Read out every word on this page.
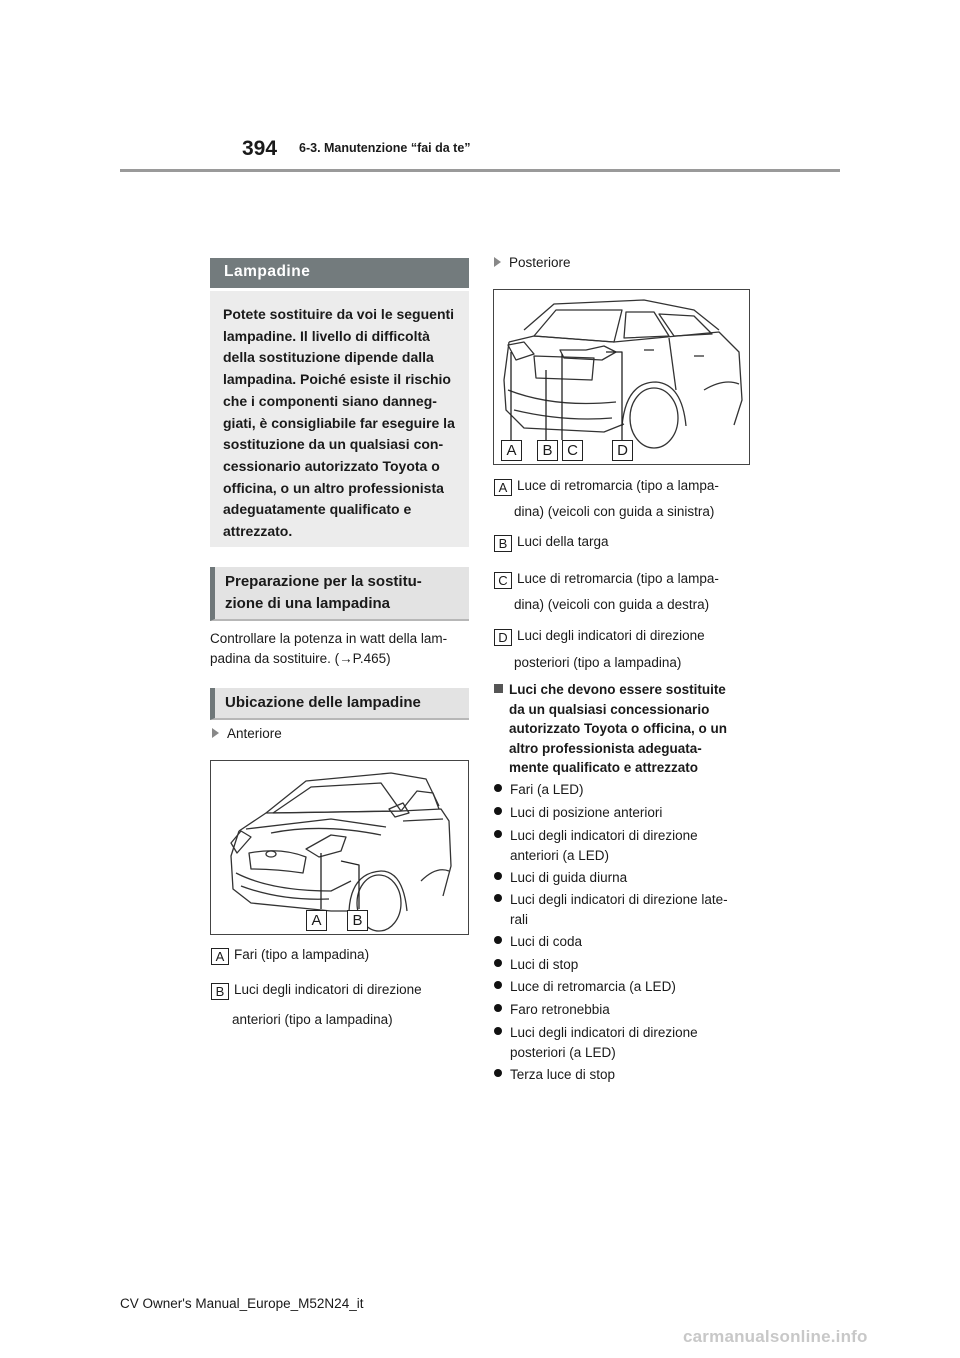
394 6-3. Manutenzione “fai da te”
Lampadine
Potete sostituire da voi le seguenti
lampadine. Il livello di difficoltà
della sostituzione dipende dalla
lampadina. Poiché esiste il rischio
che i componenti siano danneg-
giati, è consigliabile far eseguire la
sostituzione da un qualsiasi con-
cessionario autorizzato Toyota o
officina, o un altro professionista
adeguatamente qualificato e
attrezzato.
Preparazione per la sostitu-
zione di una lampadina
Controllare la potenza in watt della lam-
padina da sostituire. (→P.465)
Ubicazione delle lampadine
Anteriore
A	B
A Fari (tipo a lampadina)
B Luci degli indicatori di direzione
anteriori (tipo a lampadina)
Posteriore
A	B C	D
A Luce di retromarcia (tipo a lampa-
dina) (veicoli con guida a sinistra)
B Luci della targa
C Luce di retromarcia (tipo a lampa-
dina) (veicoli con guida a destra)
D Luci degli indicatori di direzione
posteriori (tipo a lampadina)
Luci che devono essere sostituite
da un qualsiasi concessionario
autorizzato Toyota o officina, o un
altro professionista adeguata-
mente qualificato e attrezzato
Fari (a LED)
Luci di posizione anteriori
Luci degli indicatori di direzione
anteriori (a LED)
Luci di guida diurna
Luci degli indicatori di direzione late-
rali
Luci di coda
Luci di stop
Luce di retromarcia (a LED)
Faro retronebbia
Luci degli indicatori di direzione
posteriori (a LED)
Terza luce di stop
CV Owner's Manual_Europe_M52N24_it
carmanualsonline.info
